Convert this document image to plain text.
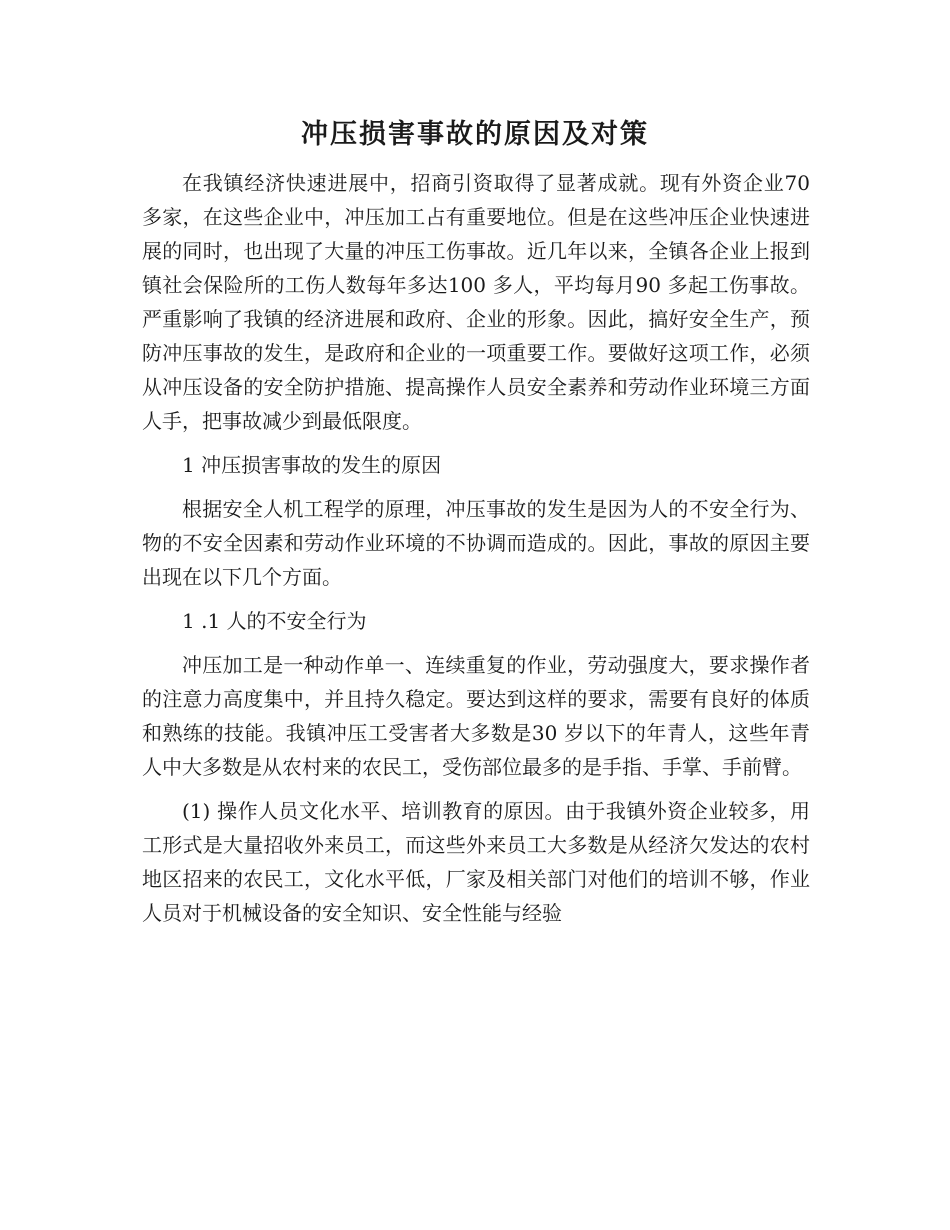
冲压损害事故的原因及对策

在我镇经济快速进展中，招商引资取得了显著成就。现有外资企业70 多家，在这些企业中，冲压加工占有重要地位。但是在这些冲压企业快速进展的同时，也出现了大量的冲压工伤事故。近几年以来，全镇各企业上报到镇社会保险所的工伤人数每年多达100 多人，平均每月90 多起工伤事故。严重影响了我镇的经济进展和政府、企业的形象。因此，搞好安全生产，预防冲压事故的发生，是政府和企业的一项重要工作。要做好这项工作，必须从冲压设备的安全防护措施、提高操作人员安全素养和劳动作业环境三方面人手，把事故减少到最低限度。

1 冲压损害事故的发生的原因

根据安全人机工程学的原理，冲压事故的发生是因为人的不安全行为、物的不安全因素和劳动作业环境的不协调而造成的。因此，事故的原因主要出现在以下几个方面。

1 .1 人的不安全行为

冲压加工是一种动作单一、连续重复的作业，劳动强度大，要求操作者的注意力高度集中，并且持久稳定。要达到这样的要求，需要有良好的体质和熟练的技能。我镇冲压工受害者大多数是30 岁以下的年青人，这些年青人中大多数是从农村来的农民工，受伤部位最多的是手指、手掌、手前臂。

(1) 操作人员文化水平、培训教育的原因。由于我镇外资企业较多，用工形式是大量招收外来员工，而这些外来员工大多数是从经济欠发达的农村地区招来的农民工，文化水平低，厂家及相关部门对他们的培训不够，作业人员对于机械设备的安全知识、安全性能与经验
